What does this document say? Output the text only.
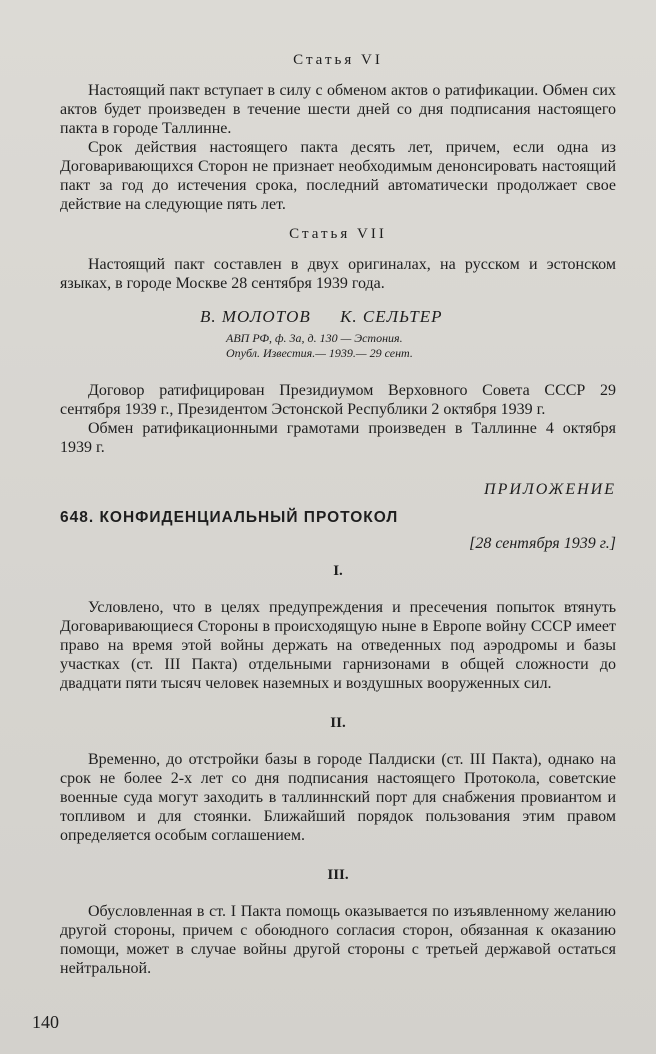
Статья VI

Настоящий пакт вступает в силу с обменом актов о ратификации. Обмен сих актов будет произведен в течение шести дней со дня подписания настоящего пакта в городе Таллинне.

Срок действия настоящего пакта десять лет, причем, если одна из Договаривающихся Сторон не признает необходимым денонсировать настоящий пакт за год до истечения срока, последний автоматически продолжает свое действие на следующие пять лет.

Статья VII

Настоящий пакт составлен в двух оригиналах, на русском и эстонском языках, в городе Москве 28 сентября 1939 года.

В. МОЛОТОВ К. СЕЛЬТЕР
АВП РФ, ф. 3а, д. 130 — Эстония.
Опубл. Известия.— 1939.— 29 сент.

Договор ратифицирован Президиумом Верховного Совета СССР 29 сентября 1939 г., Президентом Эстонской Республики 2 октября 1939 г.

Обмен ратификационными грамотами произведен в Таллинне 4 октября 1939 г.

ПРИЛОЖЕНИЕ
648. КОНФИДЕНЦИАЛЬНЫЙ ПРОТОКОЛ
[28 сентября 1939 г.]
I.

Условлено, что в целях предупреждения и пресечения попыток втянуть Договаривающиеся Стороны в происходящую ныне в Европе войну СССР имеет право на время этой войны держать на отведенных под аэродромы и базы участках (ст. III Пакта) отдельными гарнизонами в общей сложности до двадцати пяти тысяч человек наземных и воздушных вооруженных сил.

II.

Временно, до отстройки базы в городе Палдиски (ст. III Пакта), однако на срок не более 2-х лет со дня подписания настоящего Протокола, советские военные суда могут заходить в таллиннский порт для снабжения провиантом и топливом и для стоянки. Ближайший порядок пользования этим правом определяется особым соглашением.

III.

Обусловленная в ст. I Пакта помощь оказывается по изъявленному желанию другой стороны, причем с обоюдного согласия сторон, обязанная к оказанию помощи, может в случае войны другой стороны с третьей державой остаться нейтральной.

140
